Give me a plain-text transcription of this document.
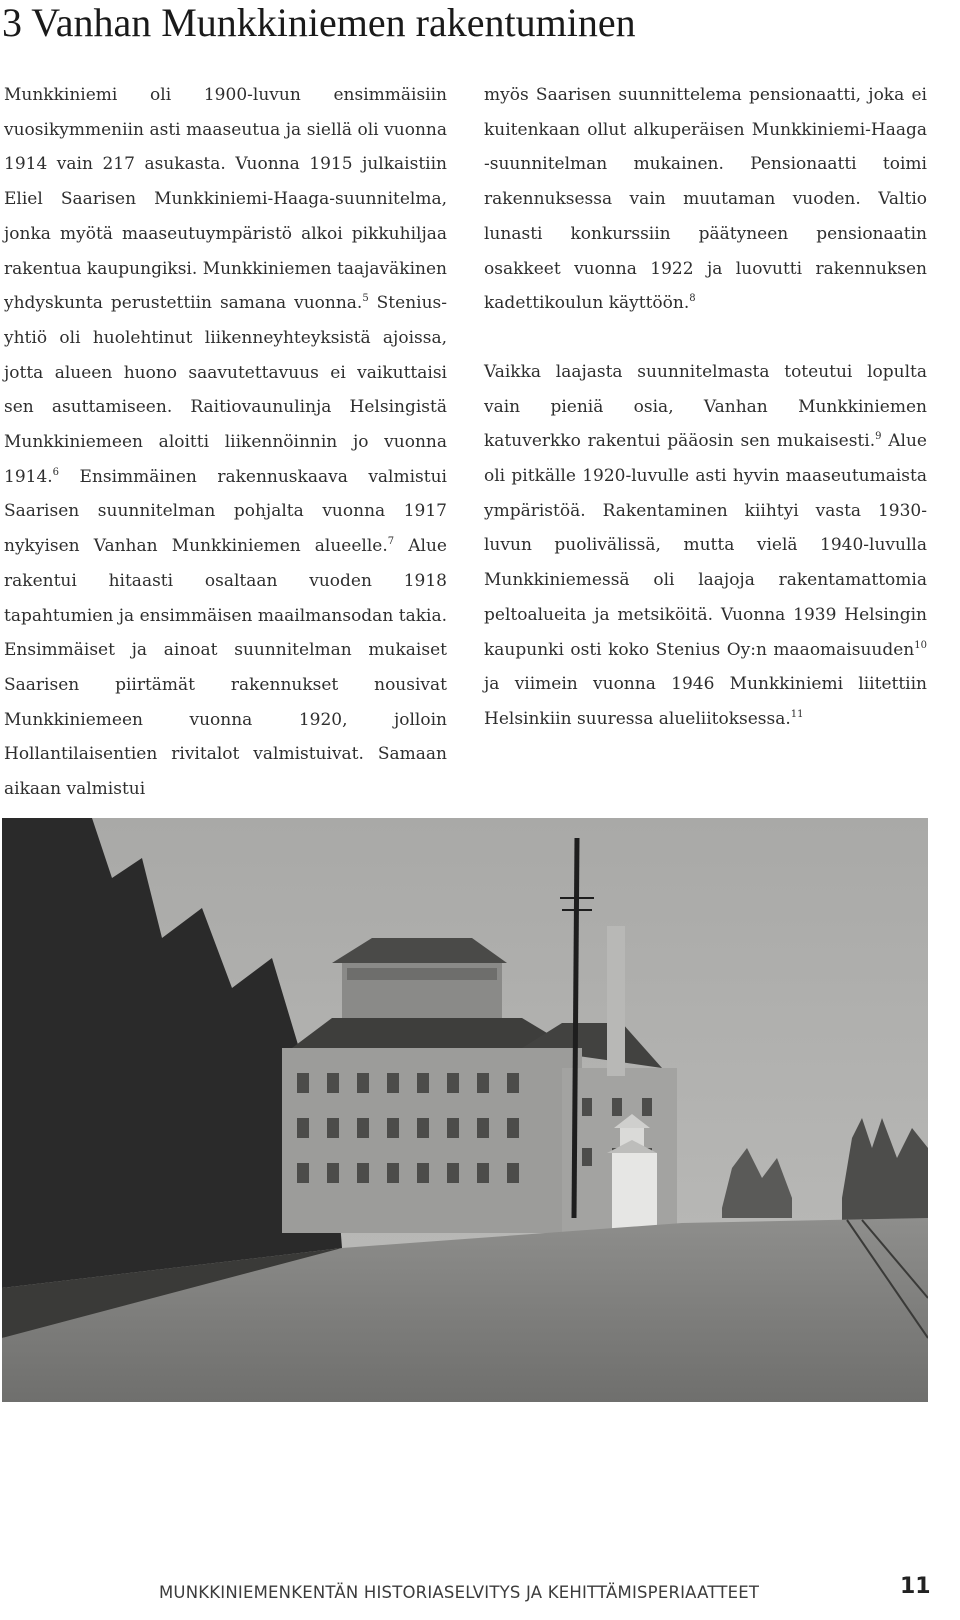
3 Vanhan Munkkiniemen rakentuminen

Munkkiniemi oli 1900-luvun ensimmäisiin vuosikymmeniin asti maaseutua ja siellä oli vuonna 1914 vain 217 asukasta. Vuonna 1915 julkaistiin Eliel Saarisen Munkkiniemi-Haaga-suunnitelma, jonka myötä maaseutuympäristö alkoi pikkuhiljaa rakentua kaupungiksi. Munkkiniemen taajaväkinen yhdyskunta perustettiin samana vuonna.$^5$ Stenius-yhtiö oli huolehtinut liikenneyhteyksistä ajoissa, jotta alueen huono saavutettavuus ei vaikuttaisi sen asuttamiseen. Raitiovaunulinja Helsingistä Munkkiniemeen aloitti liikennöinnin jo vuonna 1914.$^6$ Ensimmäinen rakennuskaava valmistui Saarisen suunnitelman pohjalta vuonna 1917 nykyisen Vanhan Munkkiniemen alueelle.$^7$ Alue rakentui hitaasti osaltaan vuoden 1918 tapahtumien ja ensimmäisen maailmansodan takia. Ensimmäiset ja ainoat suunnitelman mukaiset Saarisen piirtämät rakennukset nousivat Munkkiniemeen vuonna 1920, jolloin Hollantilaisentien rivitalot valmistuivat. Samaan aikaan valmistui

myös Saarisen suunnittelema pensionaatti, joka ei kuitenkaan ollut alkuperäisen Munkkiniemi-Haaga -suunnitelman mukainen. Pensionaatti toimi rakennuksessa vain muutaman vuoden. Valtio lunasti konkurssiin päätyneen pensionaatin osakkeet vuonna 1922 ja luovutti rakennuksen kadettikoulun käyttöön.$^8$

Vaikka laajasta suunnitelmasta toteutui lopulta vain pieniä osia, Vanhan Munkkiniemen katuverkko rakentui pääosin sen mukaisesti.$^9$ Alue oli pitkälle 1920-luvulle asti hyvin maaseutumaista ympäristöä. Rakentaminen kiihtyi vasta 1930-luvun puolivälissä, mutta vielä 1940-luvulla Munkkiniemessä oli laajoja rakentamattomia peltoalueita ja metsiköitä. Vuonna 1939 Helsingin kaupunki osti koko Stenius Oy:n maaomaisuuden$^{10}$ ja viimein vuonna 1946 Munkkiniemi liitettiin Helsinkiin suuressa alueliitoksessa.$^{11}$

MUNKKINIEMENKENTÄN HISTORIASELVITYS JA KEHITTÄMISPERIAATTEET	11
